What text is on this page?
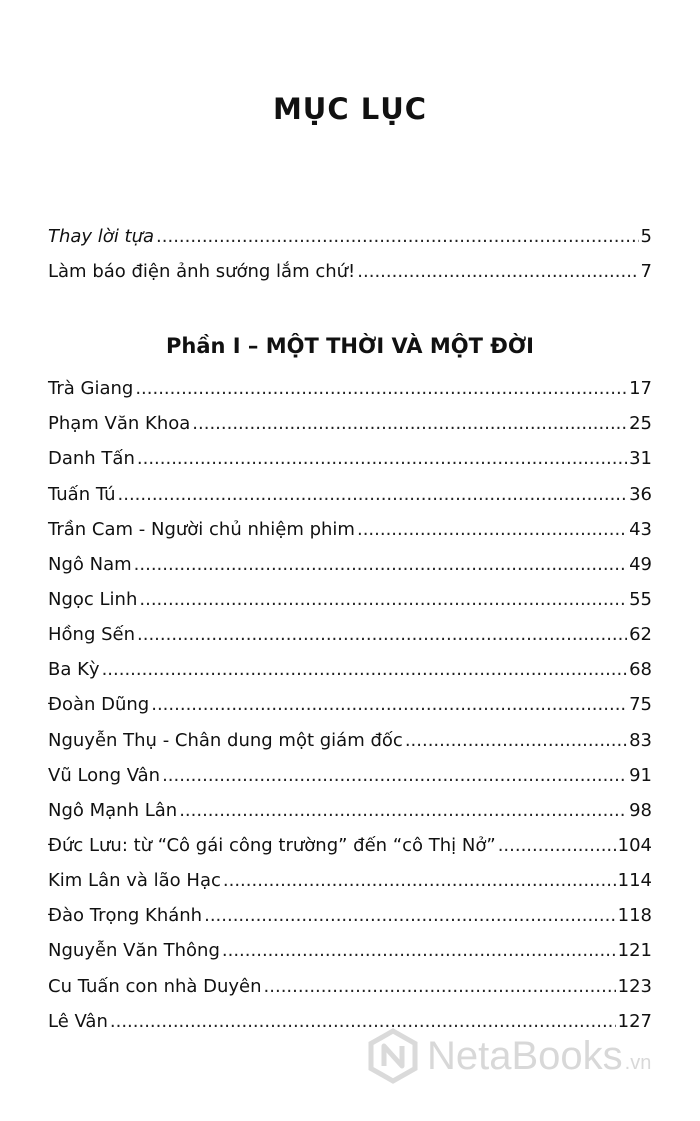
MỤC LỤC
Thay lời tựa .....	5
Làm báo điện ảnh sướng lắm chứ! .....	7
Phần I – MỘT THỜI VÀ MỘT ĐỜI
Trà Giang .....	17
Phạm Văn Khoa .....	25
Danh Tấn .....	31
Tuấn Tú .....	36
Trần Cam - Người chủ nhiệm phim .....	43
Ngô Nam .....	49
Ngọc Linh .....	55
Hồng Sến .....	62
Ba Kỳ .....	68
Đoàn Dũng .....	75
Nguyễn Thụ - Chân dung một giám đốc .....	83
Vũ Long Vân .....	91
Ngô Mạnh Lân .....	98
Đức Lưu: từ “Cô gái công trường” đến “cô Thị Nở” .....	104
Kim Lân và lão Hạc .....	114
Đào Trọng Khánh .....	118
Nguyễn Văn Thông .....	121
Cu Tuấn con nhà Duyên .....	123
Lê Vân .....	127
NetaBooks .vn
